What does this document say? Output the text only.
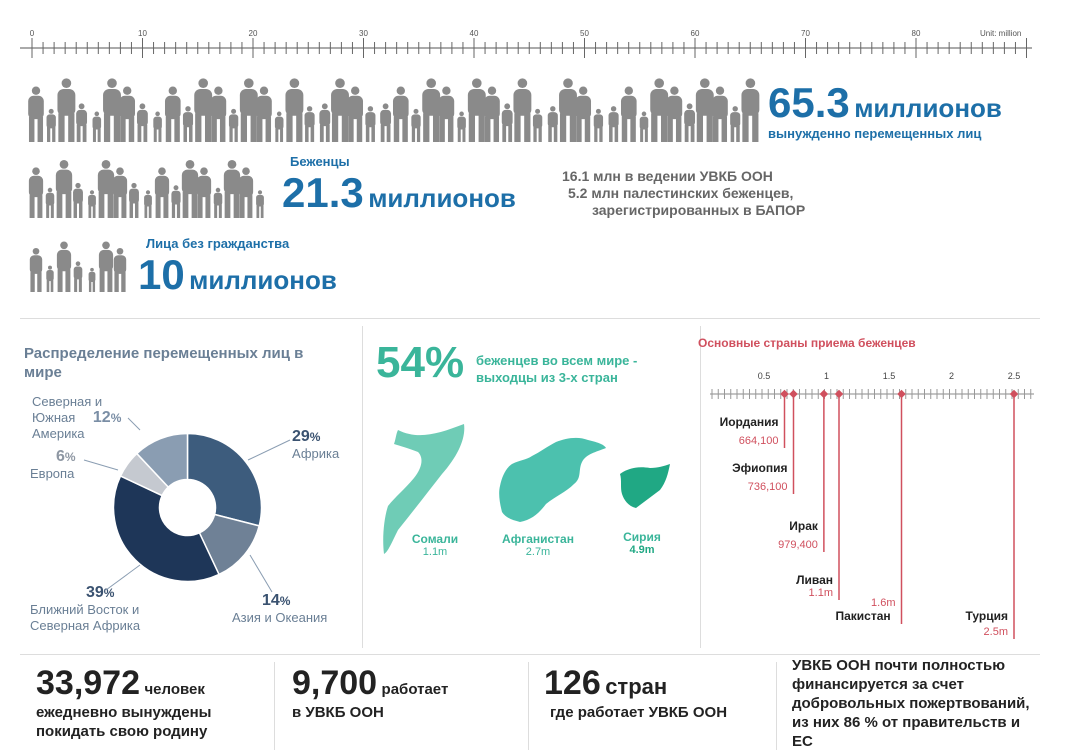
0	10	20	30	40	50	60	70	80	Unit: million
65.3 миллионов
вынужденно перемещенных лиц
Беженцы
21.3 миллионов
16.1 млн в ведении УВКБ ООН
5.2 млн палестинских беженцев,
зарегистрированных в БАПОР
Лица без гражданства
10 миллионов
Распределение перемещенных лиц в мире
29%
Африка
14%
Азия и Океания
39%
Ближний Восток и
Северная Африка
6%
Европа
Северная и
Южная 12%
Америка
54% беженцев во всем мире -
выходцы из 3-х стран
Сомали
1.1m
Афганистан
2.7m
Сирия
4.9m
Основные страны приема беженцев
0.5	1	1.5	2	2.5
Иордания
664,100
Эфиопия
736,100
Ирак
979,400
Ливан
1.1m
Пакистан
1.6m
Турция
2.5m
33,972 человек
ежедневно вынуждены
покидать свою родину
9,700 работает
в УВКБ ООН
126 стран
где работает УВКБ ООН
УВКБ ООН почти полностью
финансируется за счет
добровольных пожертвований,
из них 86 % от правительств и
ЕС
